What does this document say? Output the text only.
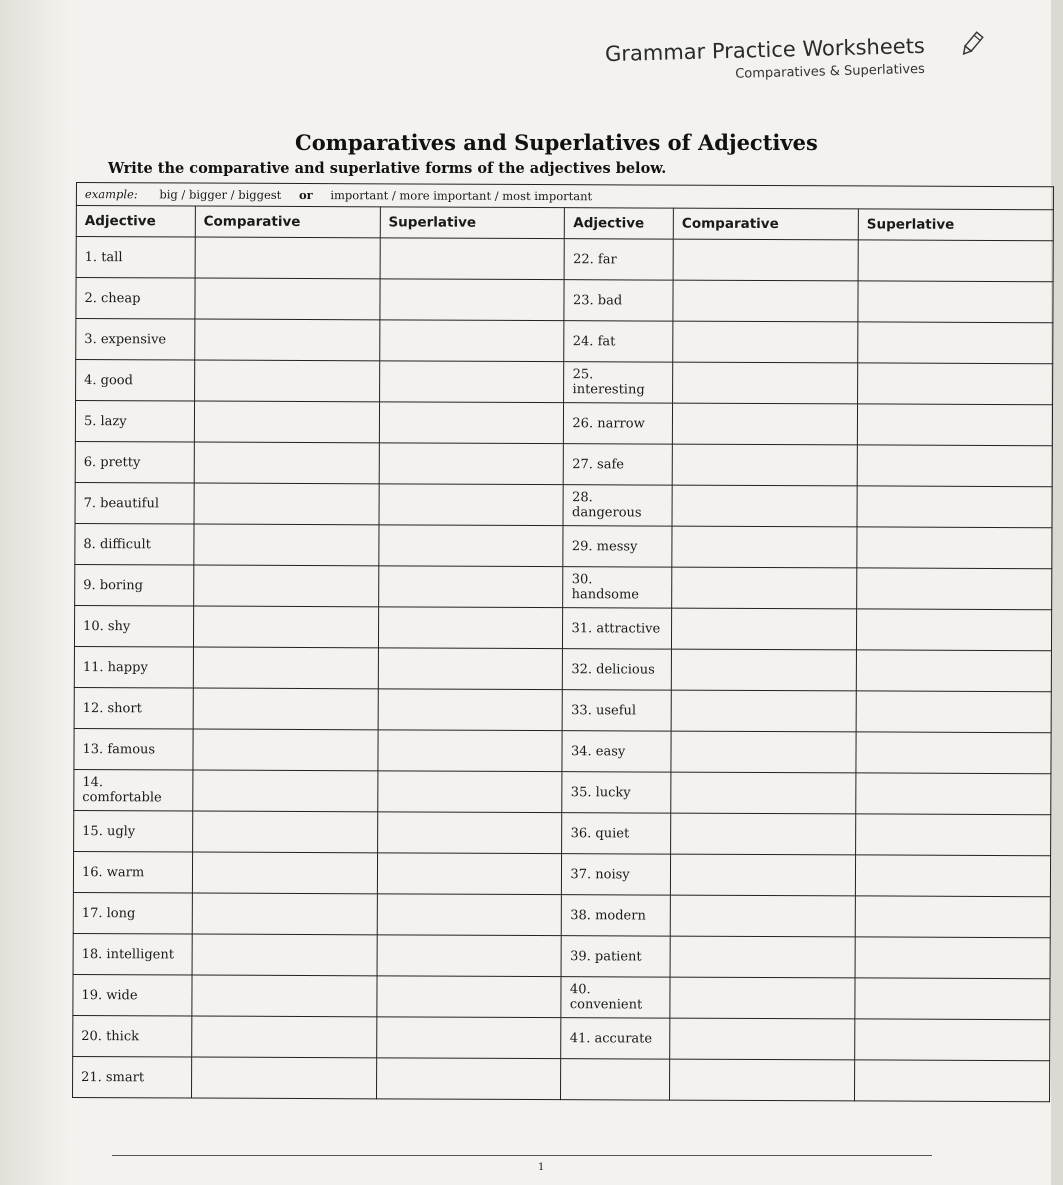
Grammar Practice Worksheets
Comparatives & Superlatives
Comparatives and Superlatives of Adjectives
Write the comparative and superlative forms of the adjectives below.
example: big / bigger / biggest or important / more important / most important					
Adjective	Comparative	Superlative	Adjective	Comparative	Superlative
1. tall			22. far		
2. cheap			23. bad		
3. expensive			24. fat		
4. good			25. interesting		
5. lazy			26. narrow		
6. pretty			27. safe		
7. beautiful			28. dangerous		
8. difficult			29. messy		
9. boring			30. handsome		
10. shy			31. attractive		
11. happy			32. delicious		
12. short			33. useful		
13. famous			34. easy		
14. comfortable			35. lucky		
15. ugly			36. quiet		
16. warm			37. noisy		
17. long			38. modern		
18. intelligent			39. patient		
19. wide			40. convenient		
20. thick			41. accurate		
21. smart					
1
